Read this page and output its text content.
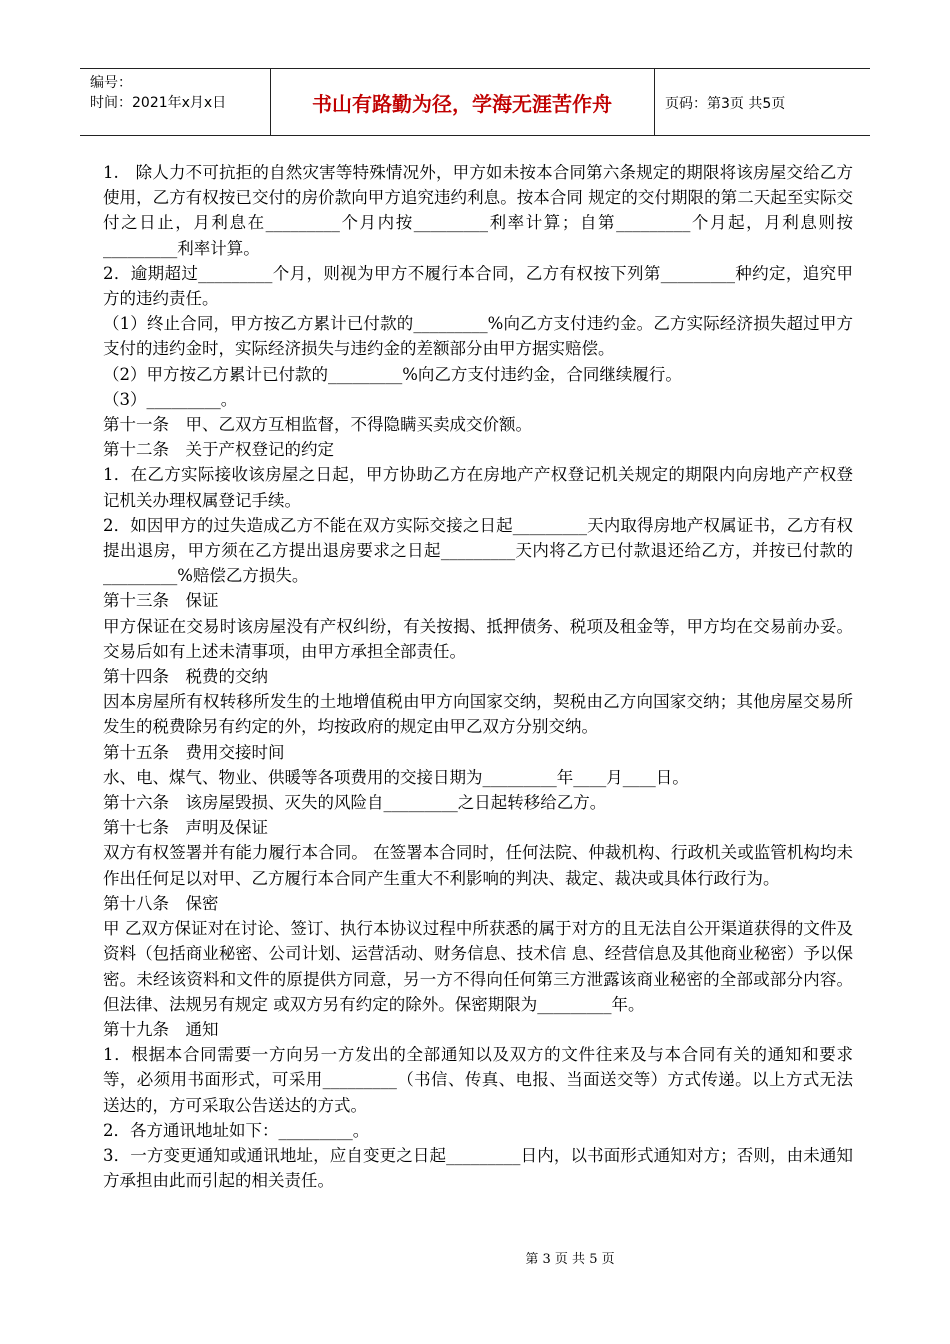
编号：
时间：2021年x月x日	书山有路勤为径，学海无涯苦作舟	页码：第3页 共5页

1.　除人力不可抗拒的自然灾害等特殊情况外，甲方如未按本合同第六条规定的期限将该房屋交给乙方使用，乙方有权按已交付的房价款向甲方追究违约利息。按本合同 规定的交付期限的第二天起至实际交付之日止，月利息在_________个月内按_________利率计算；自第_________个月起，月利息则按 _________利率计算。

2．逾期超过_________个月，则视为甲方不履行本合同，乙方有权按下列第_________种约定，追究甲方的违约责任。

（1）终止合同，甲方按乙方累计已付款的_________%向乙方支付违约金。乙方实际经济损失超过甲方支付的违约金时，实际经济损失与违约金的差额部分由甲方据实赔偿。

（2）甲方按乙方累计已付款的_________%向乙方支付违约金，合同继续履行。

（3）_________。

第十一条　甲、乙双方互相监督，不得隐瞒买卖成交价额。

第十二条　关于产权登记的约定

1．在乙方实际接收该房屋之日起，甲方协助乙方在房地产产权登记机关规定的期限内向房地产产权登记机关办理权属登记手续。

2．如因甲方的过失造成乙方不能在双方实际交接之日起_________天内取得房地产权属证书，乙方有权提出退房，甲方须在乙方提出退房要求之日起_________天内将乙方已付款退还给乙方，并按已付款的_________%赔偿乙方损失。

第十三条　保证

甲方保证在交易时该房屋没有产权纠纷，有关按揭、抵押债务、税项及租金等，甲方均在交易前办妥。交易后如有上述未清事项，由甲方承担全部责任。

第十四条　税费的交纳

因本房屋所有权转移所发生的土地增值税由甲方向国家交纳，契税由乙方向国家交纳；其他房屋交易所发生的税费除另有约定的外，均按政府的规定由甲乙双方分别交纳。

第十五条　费用交接时间

水、电、煤气、物业、供暖等各项费用的交接日期为_________年____月____日。

第十六条　该房屋毁损、灭失的风险自_________之日起转移给乙方。

第十七条　声明及保证

双方有权签署并有能力履行本合同。 在签署本合同时，任何法院、仲裁机构、行政机关或监管机构均未作出任何足以对甲、乙方履行本合同产生重大不利影响的判决、裁定、裁决或具体行政行为。

第十八条　保密

甲 乙双方保证对在讨论、签订、执行本协议过程中所获悉的属于对方的且无法自公开渠道获得的文件及资料（包括商业秘密、公司计划、运营活动、财务信息、技术信 息、经营信息及其他商业秘密）予以保密。未经该资料和文件的原提供方同意，另一方不得向任何第三方泄露该商业秘密的全部或部分内容。但法律、法规另有规定 或双方另有约定的除外。保密期限为_________年。

第十九条　通知

1．根据本合同需要一方向另一方发出的全部通知以及双方的文件往来及与本合同有关的通知和要求等，必须用书面形式，可采用_________（书信、传真、电报、当面送交等）方式传递。以上方式无法送达的，方可采取公告送达的方式。

2．各方通讯地址如下：_________。

3．一方变更通知或通讯地址，应自变更之日起_________日内，以书面形式通知对方；否则，由未通知方承担由此而引起的相关责任。

第 3 页 共 5 页
